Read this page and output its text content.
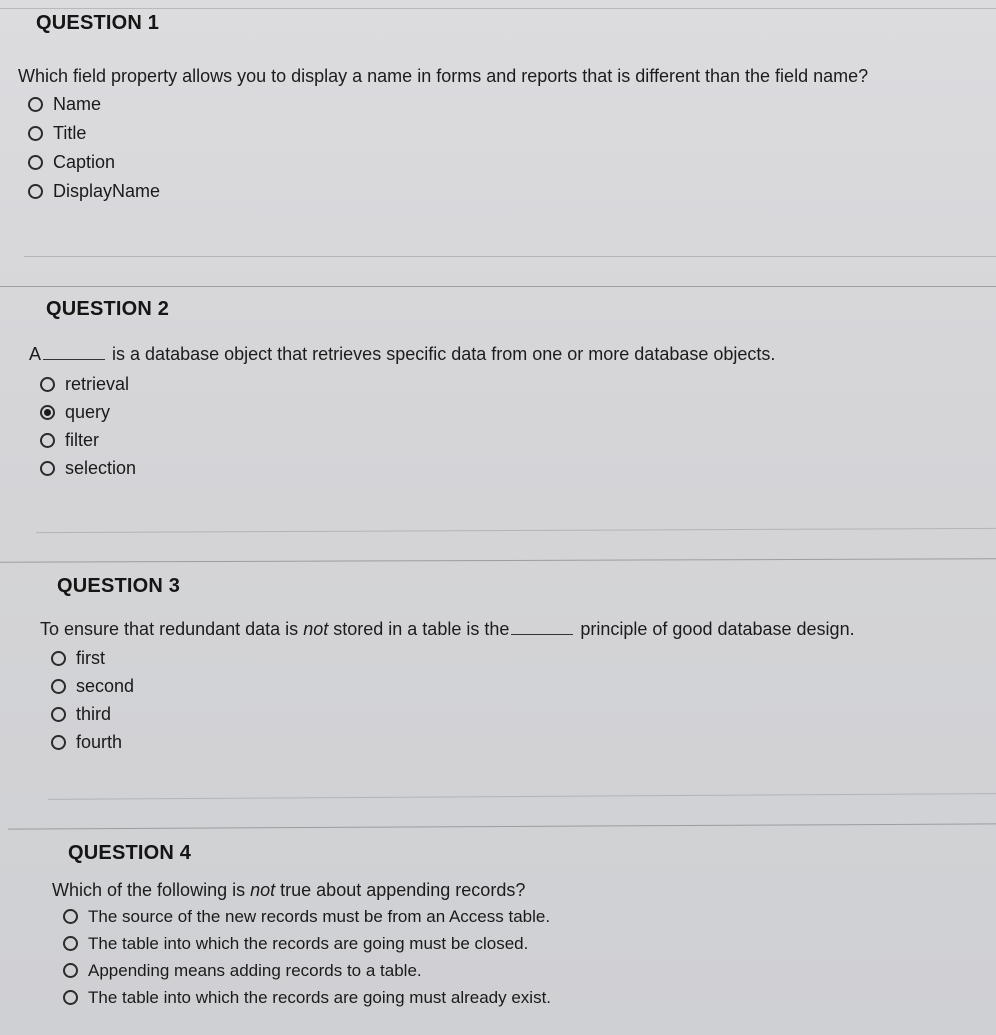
QUESTION 1
Which field property allows you to display a name in forms and reports that is different than the field name?
Name
Title
Caption
DisplayName
QUESTION 2
A	is a database object that retrieves specific data from one or more database objects.
retrieval
query
filter
selection
QUESTION 3
To ensure that redundant data is not stored in a table is the	principle of good database design.
first
second
third
fourth
QUESTION 4
Which of the following is not true about appending records?
The source of the new records must be from an Access table.
The table into which the records are going must be closed.
Appending means adding records to a table.
The table into which the records are going must already exist.
